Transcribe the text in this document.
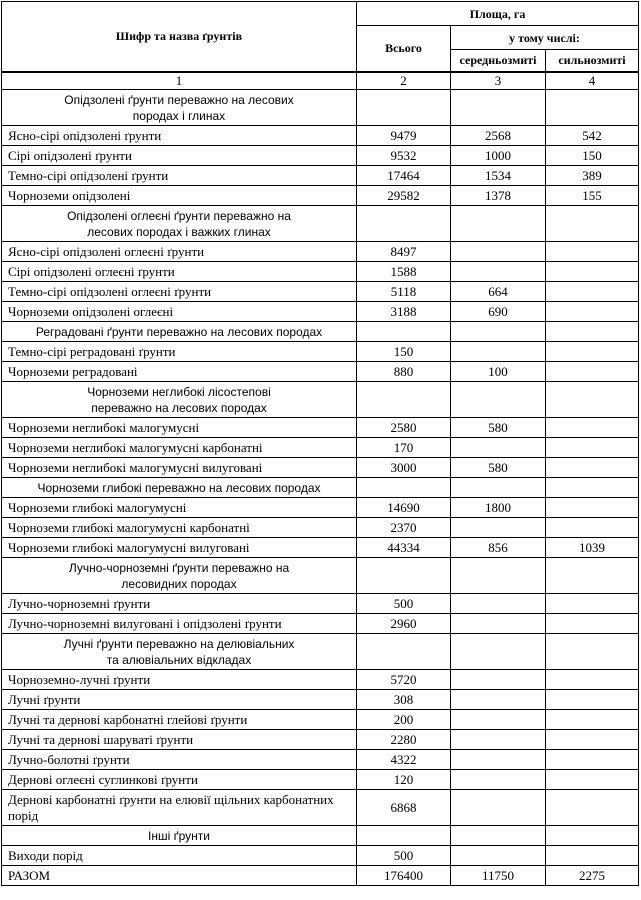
Шифр та назва ґрунтів	Площа, га		
	Всього	у тому числі:	
		середньозмиті	сильнозмиті
1	2	3	4
Опідзолені ґрунти переважно на лесових породах і глинах			
Ясно-сірі опідзолені ґрунти	9479	2568	542
Сірі опідзолені ґрунти	9532	1000	150
Темно-сірі опідзолені ґрунти	17464	1534	389
Чорноземи опідзолені	29582	1378	155
Опідзолені оглеєні ґрунти переважно на лесових породах і важких глинах			
Ясно-сірі опідзолені оглеєні ґрунти	8497		
Сірі опідзолені оглеєні ґрунти	1588		
Темно-сірі опідзолені оглеєні ґрунти	5118	664	
Чорноземи опідзолені оглеєні	3188	690	
Реградовані ґрунти переважно на лесових породах			
Темно-сірі реградовані ґрунти	150		
Чорноземи реградовані	880	100	
Чорноземи неглибокі лісостепові переважно на лесових породах			
Чорноземи неглибокі малогумусні	2580	580	
Чорноземи неглибокі малогумусні карбонатні	170		
Чорноземи неглибокі малогумусні вилуговані	3000	580	
Чорноземи глибокі переважно на лесових породах			
Чорноземи глибокі малогумусні	14690	1800	
Чорноземи глибокі малогумусні карбонатні	2370		
Чорноземи глибокі малогумусні вилуговані	44334	856	1039
Лучно-чорноземні ґрунти переважно на лесовидних породах			
Лучно-чорноземні ґрунти	500		
Лучно-чорноземні вилуговані і опідзолені ґрунти	2960		
Лучні ґрунти переважно на делювіальних та алювіальних відкладах			
Чорноземно-лучні ґрунти	5720		
Лучні ґрунти	308		
Лучні та дернові карбонатні глейові ґрунти	200		
Лучні та дернові шаруваті ґрунти	2280		
Лучно-болотні ґрунти	4322		
Дернові оглеєні суглинкові ґрунти	120		
Дернові карбонатні ґрунти на елювії щільних карбонатних порід	6868		
Інші ґрунти			
Виходи порід	500		
РАЗОМ	176400	11750	2275
